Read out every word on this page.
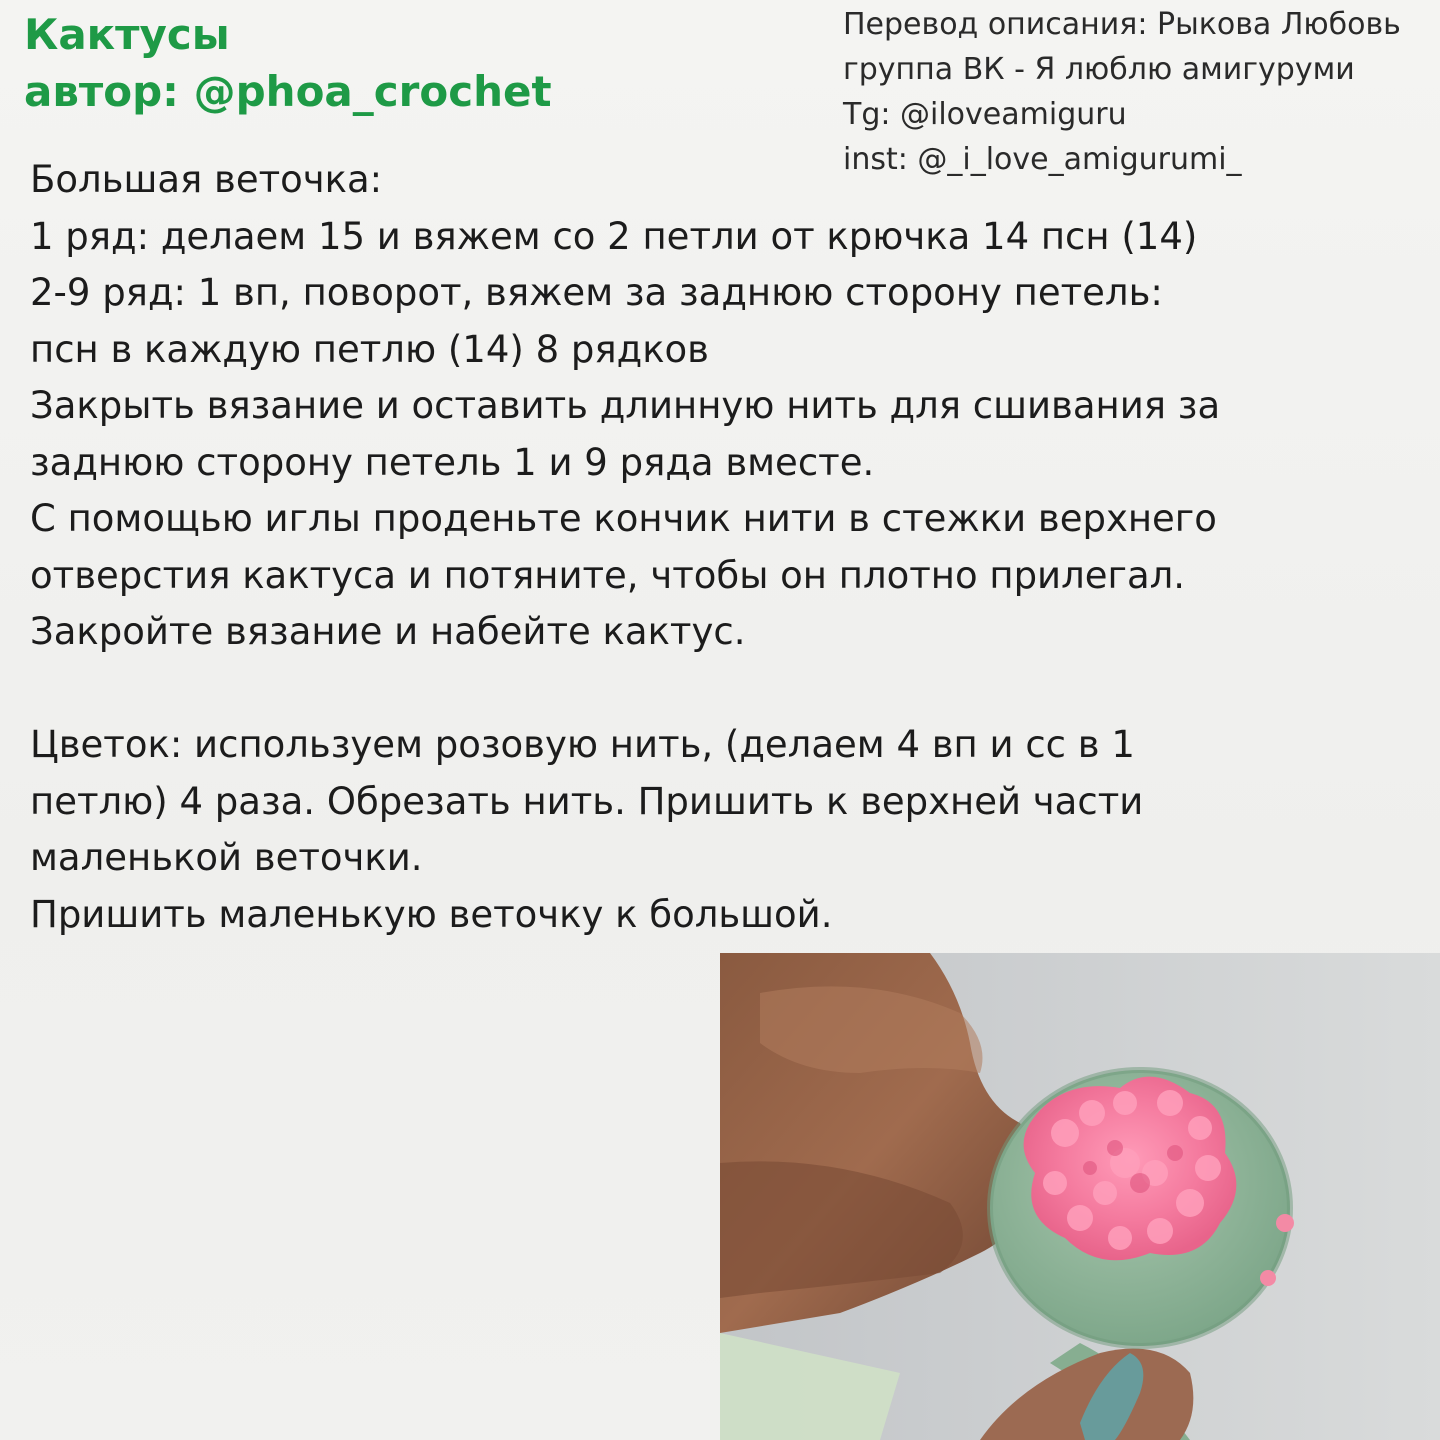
Кактусы
автор: @phoa_crochet
Перевод описания: Рыкова Любовь
группа ВК - Я люблю амигуруми
Tg: @iloveamiguru
inst: @_i_love_amigurumi_
Большая веточка:
1 ряд: делаем 15 и вяжем со 2 петли от крючка 14 псн (14)
2-9 ряд: 1 вп, поворот, вяжем за заднюю сторону петель:
псн в каждую петлю (14) 8 рядков
Закрыть вязание и оставить длинную нить для сшивания за
заднюю сторону петель 1 и 9 ряда вместе.
С помощью иглы проденьте кончик нити в стежки верхнего
отверстия кактуса и потяните, чтобы он плотно прилегал.
Закройте вязание и набейте кактус.
Цветок: используем розовую нить, (делаем 4 вп и сс в 1
петлю) 4 раза. Обрезать нить. Пришить к верхней части
маленькой веточки.
Пришить маленькую веточку к большой.
